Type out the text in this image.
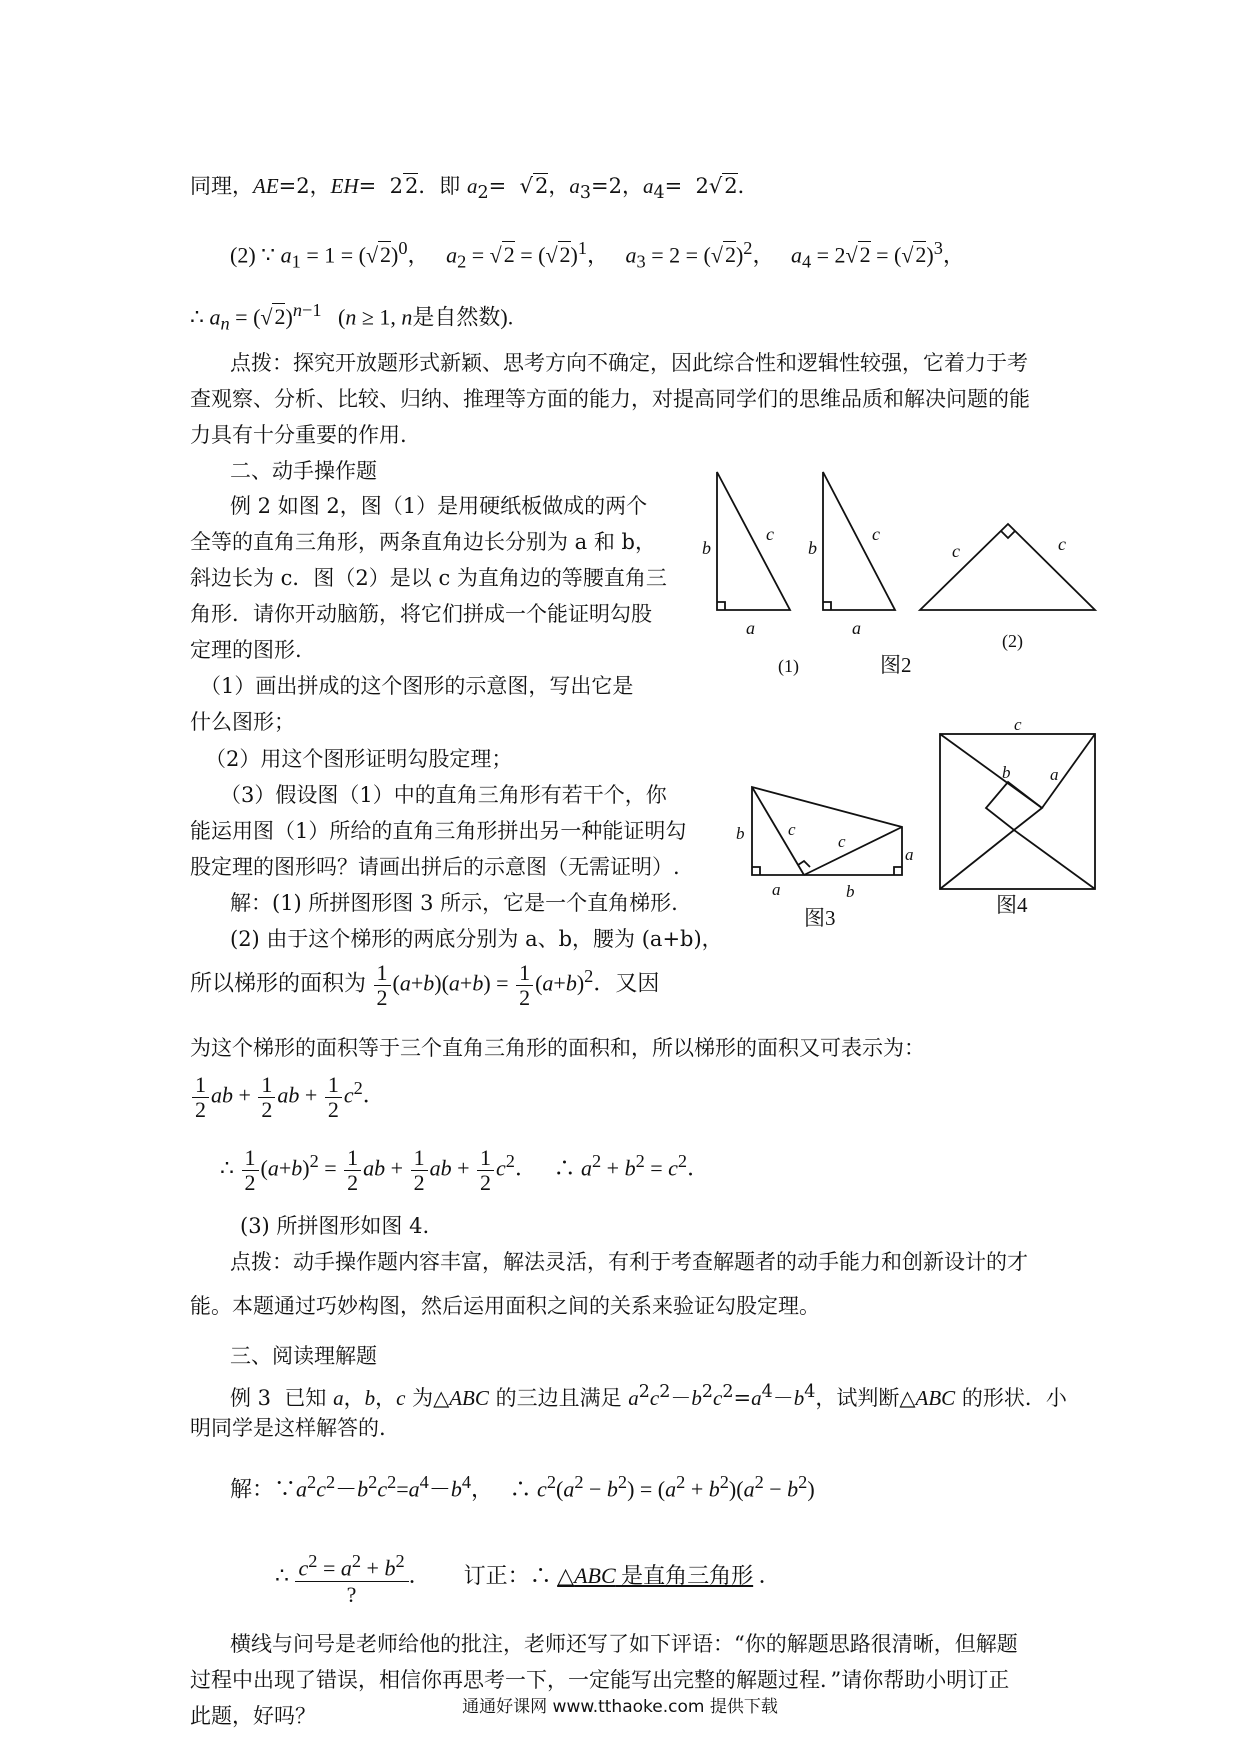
同理，AE=2，EH=  22．即 $a_2= √2$，$a_3=2$，$a_4= 2√2$．
(2) ∵ $a_1 = 1 = (√2)^0$，   $a_2 = √2 = (√2)^1$，   $a_3 = 2 = (√2)^2$，   $a_4 = 2√2 = (√2)^3$，
∴ $a_n = (√2)^{n-1}$   (n ≥ 1, n是自然数).
点拨：探究开放题形式新颖、思考方向不确定，因此综合性和逻辑性较强，它着力于考
查观察、分析、比较、归纳、推理等方面的能力，对提高同学们的思维品质和解决问题的能
力具有十分重要的作用.
二、动手操作题
例 2 如图 2，图（1）是用硬纸板做成的两个
全等的直角三角形，两条直角边长分别为 a 和 b，
斜边长为 c．图（2）是以 c 为直角边的等腰直角三
角形．请你开动脑筋，将它们拼成一个能证明勾股
定理的图形.
（1）画出拼成的这个图形的示意图，写出它是
什么图形；
（2）用这个图形证明勾股定理；
（3）假设图（1）中的直角三角形有若干个，你
能运用图（1）所给的直角三角形拼出另一种能证明勾
股定理的图形吗？请画出拼后的示意图（无需证明）.
解：(1) 所拼图形图 3 所示，它是一个直角梯形.
(2) 由于这个梯形的两底分别为 a、b，腰为 (a+b)，
所以梯形的面积为 $\frac{1}{2} (a+b)(a+b) = \frac{1}{2} (a+b)^2$．又因
为这个梯形的面积等于三个直角三角形的面积和，所以梯形的面积又可表示为：
$\frac{1}{2}$ ab + $\frac{1}{2}$ ab + $\frac{1}{2} c^2$．
∴ $\frac{1}{2} (a+b)^2 = \frac{1}{2}$ ab + $\frac{1}{2}$ ab + $\frac{1}{2} c^2$．   ∴ $a^2 + b^2 = c^2$．
(3) 所拼图形如图 4.
点拨：动手操作题内容丰富，解法灵活，有利于考查解题者的动手能力和创新设计的才
能。本题通过巧妙构图，然后运用面积之间的关系来验证勾股定理。
三、阅读理解题
例 3  已知 a，b，c 为△ABC 的三边且满足 $a^2c^2-b^2c^2=a^4-b^4$，试判断△ABC 的形状．小
明同学是这样解答的.
解：$\because a^2c^2-b^2c^2=a^4-b^4$，   ∴ $c^2(a^2 - b^2) = (a^2 + b^2)(a^2 - b^2)$
∴ $c^2 = a^2 + b^2$
?
．      订正：∴ △ABC 是直角三角形 ．
横线与问号是老师给他的批注，老师还写了如下评语：“你的解题思路很清晰，但解题
过程中出现了错误，相信你再思考一下，一定能写出完整的解题过程．”请你帮助小明订正
此题，好吗？
b
c
a
b
c
a
c	c
(1)
(2)
图2
b	c
c
a
a	b
图3
c
b a
图4
通通好课网 www.tthaoke.com 提供下载
